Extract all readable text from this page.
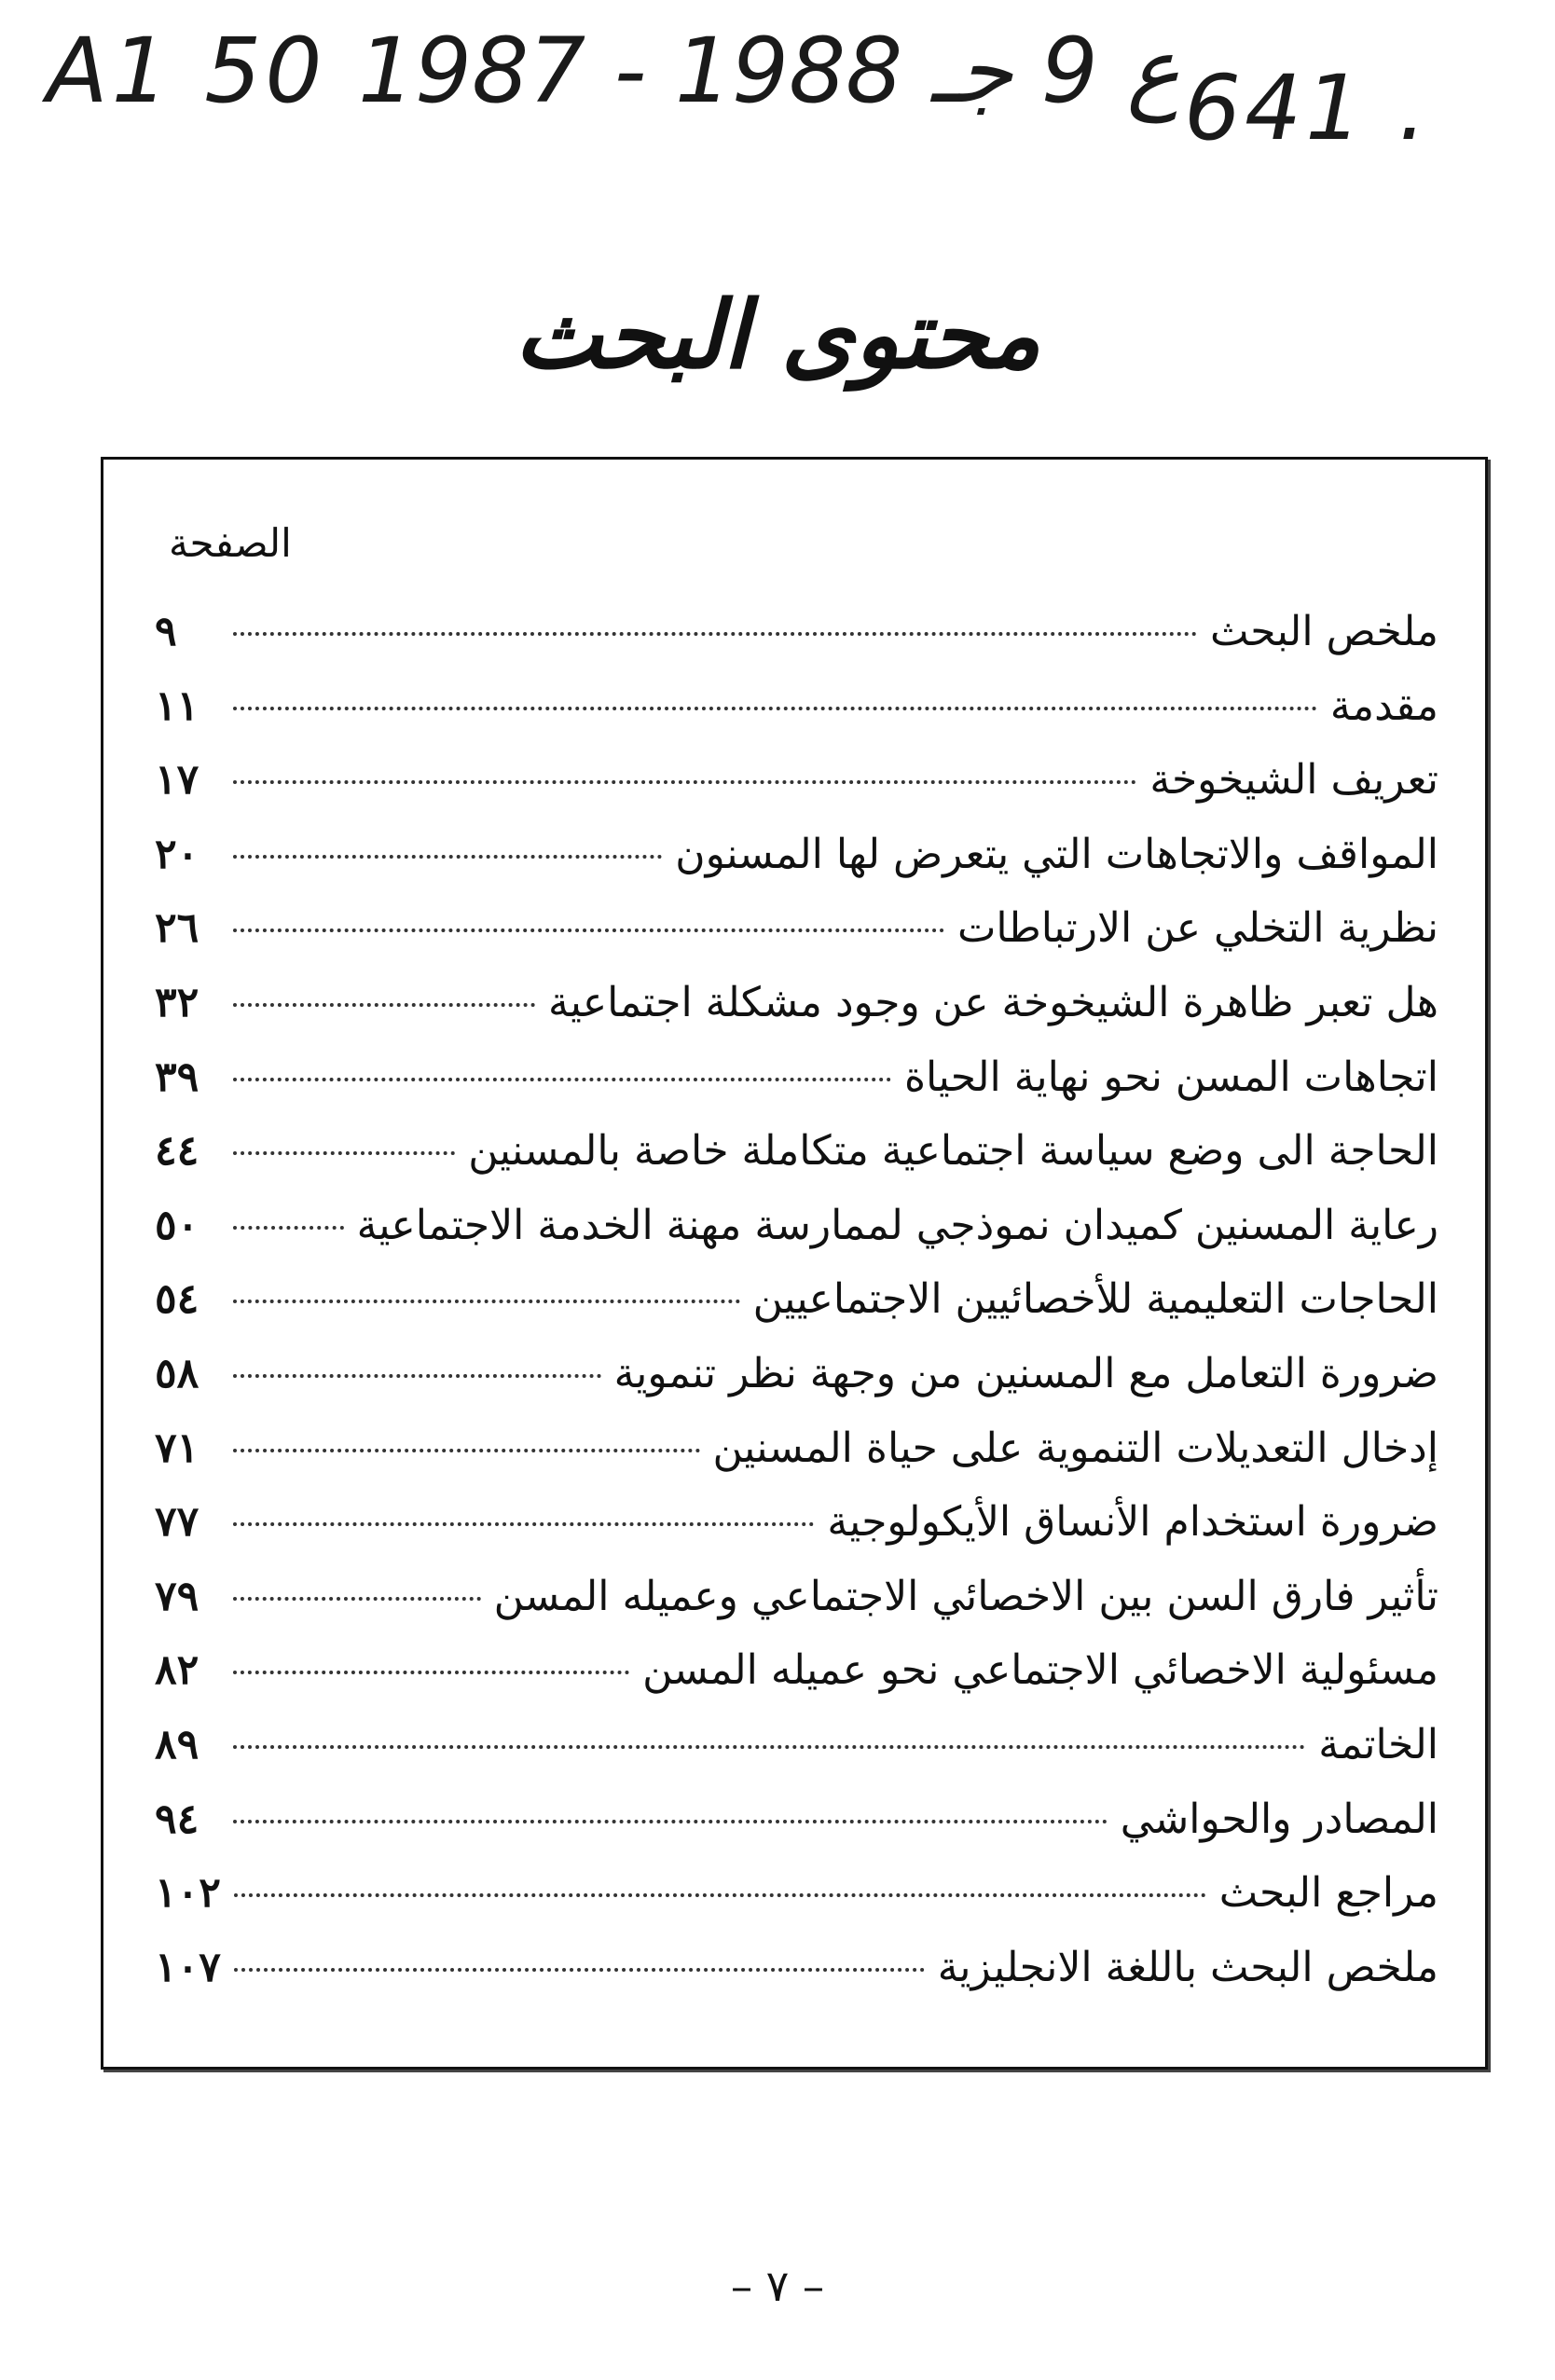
A1 50 ع 9 جـ 1988 - 1987 641 .
محتوى البحث
الصفحة
ملخص البحث
٩
مقدمة
١١
تعريف الشيخوخة
١٧
المواقف والاتجاهات التي يتعرض لها المسنون
٢٠
نظرية التخلي عن الارتباطات
٢٦
هل تعبر ظاهرة الشيخوخة عن وجود مشكلة اجتماعية
٣٢
اتجاهات المسن نحو نهاية الحياة
٣٩
الحاجة الى وضع سياسة اجتماعية متكاملة خاصة بالمسنين
٤٤
رعاية المسنين كميدان نموذجي لممارسة مهنة الخدمة الاجتماعية
٥٠
الحاجات التعليمية للأخصائيين الاجتماعيين
٥٤
ضرورة التعامل مع المسنين من وجهة نظر تنموية
٥٨
إدخال التعديلات التنموية على حياة المسنين
٧١
ضرورة استخدام الأنساق الأيكولوجية
٧٧
تأثير فارق السن بين الاخصائي الاجتماعي وعميله المسن
٧٩
مسئولية الاخصائي الاجتماعي نحو عميله المسن
٨٢
الخاتمة
٨٩
المصادر والحواشي
٩٤
مراجع البحث
١٠٢
ملخص البحث باللغة الانجليزية
١٠٧
– ٧ –
